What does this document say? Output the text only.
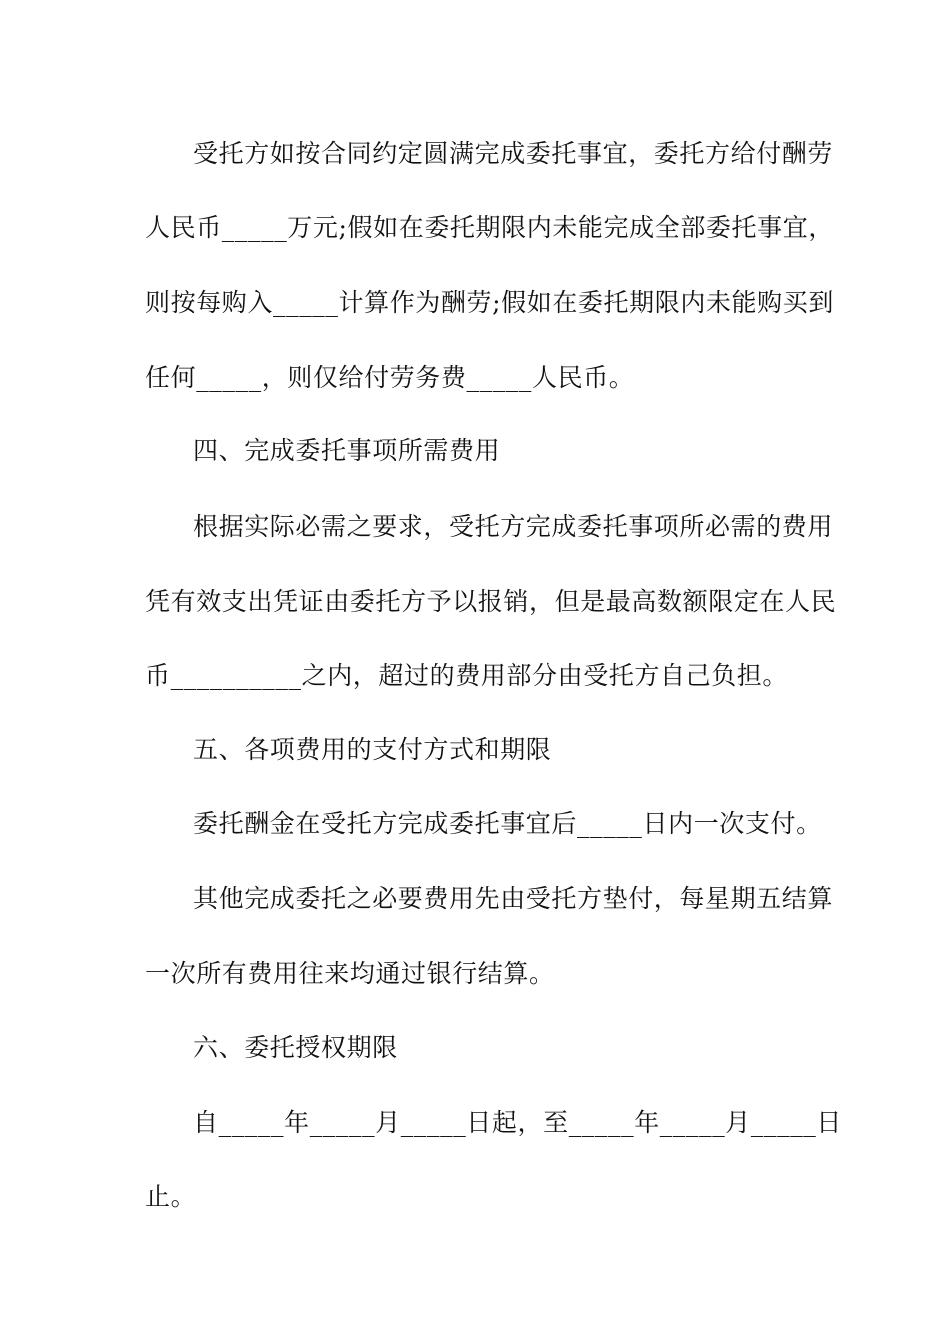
受托方如按合同约定圆满完成委托事宜，委托方给付酬劳
人民币_____万元;假如在委托期限内未能完成全部委托事宜，
则按每购入_____计算作为酬劳;假如在委托期限内未能购买到
任何_____，则仅给付劳务费_____人民币。
四、完成委托事项所需费用
根据实际必需之要求，受托方完成委托事项所必需的费用
凭有效支出凭证由委托方予以报销，但是最高数额限定在人民
币__________之内，超过的费用部分由受托方自己负担。
五、各项费用的支付方式和期限
委托酬金在受托方完成委托事宜后_____日内一次支付。
其他完成委托之必要费用先由受托方垫付，每星期五结算
一次所有费用往来均通过银行结算。
六、委托授权期限
自_____年_____月_____日起，至_____年_____月_____日
止。
